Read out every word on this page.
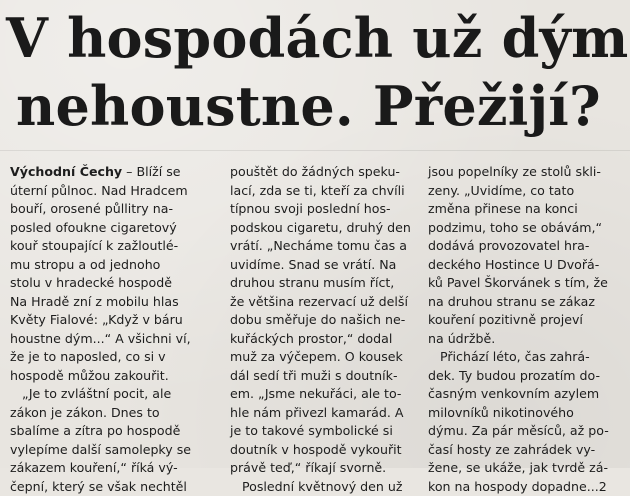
V hospodách už dým
nehoustne. Přežijí?
Východní Čechy – Blíží se
úterní půlnoc. Nad Hradcem
bouří, orosené půllitry na-
posled ofoukne cigaretový
kouř stoupající k zažloutlé-
mu stropu a od jednoho
stolu v hradecké hospodě
Na Hradě zní z mobilu hlas
Květy Fialové: „Když v báru
houstne dým...“ A všichni ví,
že je to naposled, co si v
hospodě můžou zakouřit.
„Je to zvláštní pocit, ale
zákon je zákon. Dnes to
sbalíme a zítra po hospodě
vylepíme další samolepky se
zákazem kouření,“ říká vý-
čepní, který se však nechtěl
pouštět do žádných speku-
lací, zda se ti, kteří za chvíli
típnou svoji poslední hos-
podskou cigaretu, druhý den
vrátí. „Necháme tomu čas a
uvidíme. Snad se vrátí. Na
druhou stranu musím říct,
že většina rezervací už delší
dobu směřuje do našich ne-
kuřáckých prostor,“ dodal
muž za výčepem. O kousek
dál sedí tři muži s doutník-
em. „Jsme nekuřáci, ale to-
hle nám přivezl kamarád. A
je to takové symbolické si
doutník v hospodě vykouřit
právě teď,“ říkají svorně.
Poslední květnový den už
jsou popelníky ze stolů skli-
zeny. „Uvidíme, co tato
změna přinese na konci
podzimu, toho se obávám,“
dodává provozovatel hra-
deckého Hostince U Dvořá-
ků Pavel Škorvánek s tím, že
na druhou stranu se zákaz
kouření pozitivně projeví
na údržbě.
Přichází léto, čas zahrá-
dek. Ty budou prozatím do-
časným venkovním azylem
milovníků nikotinového
dýmu. Za pár měsíců, až po-
časí hosty ze zahrádek vy-
žene, se ukáže, jak tvrdě zá-
kon na hospody dopadne...2
